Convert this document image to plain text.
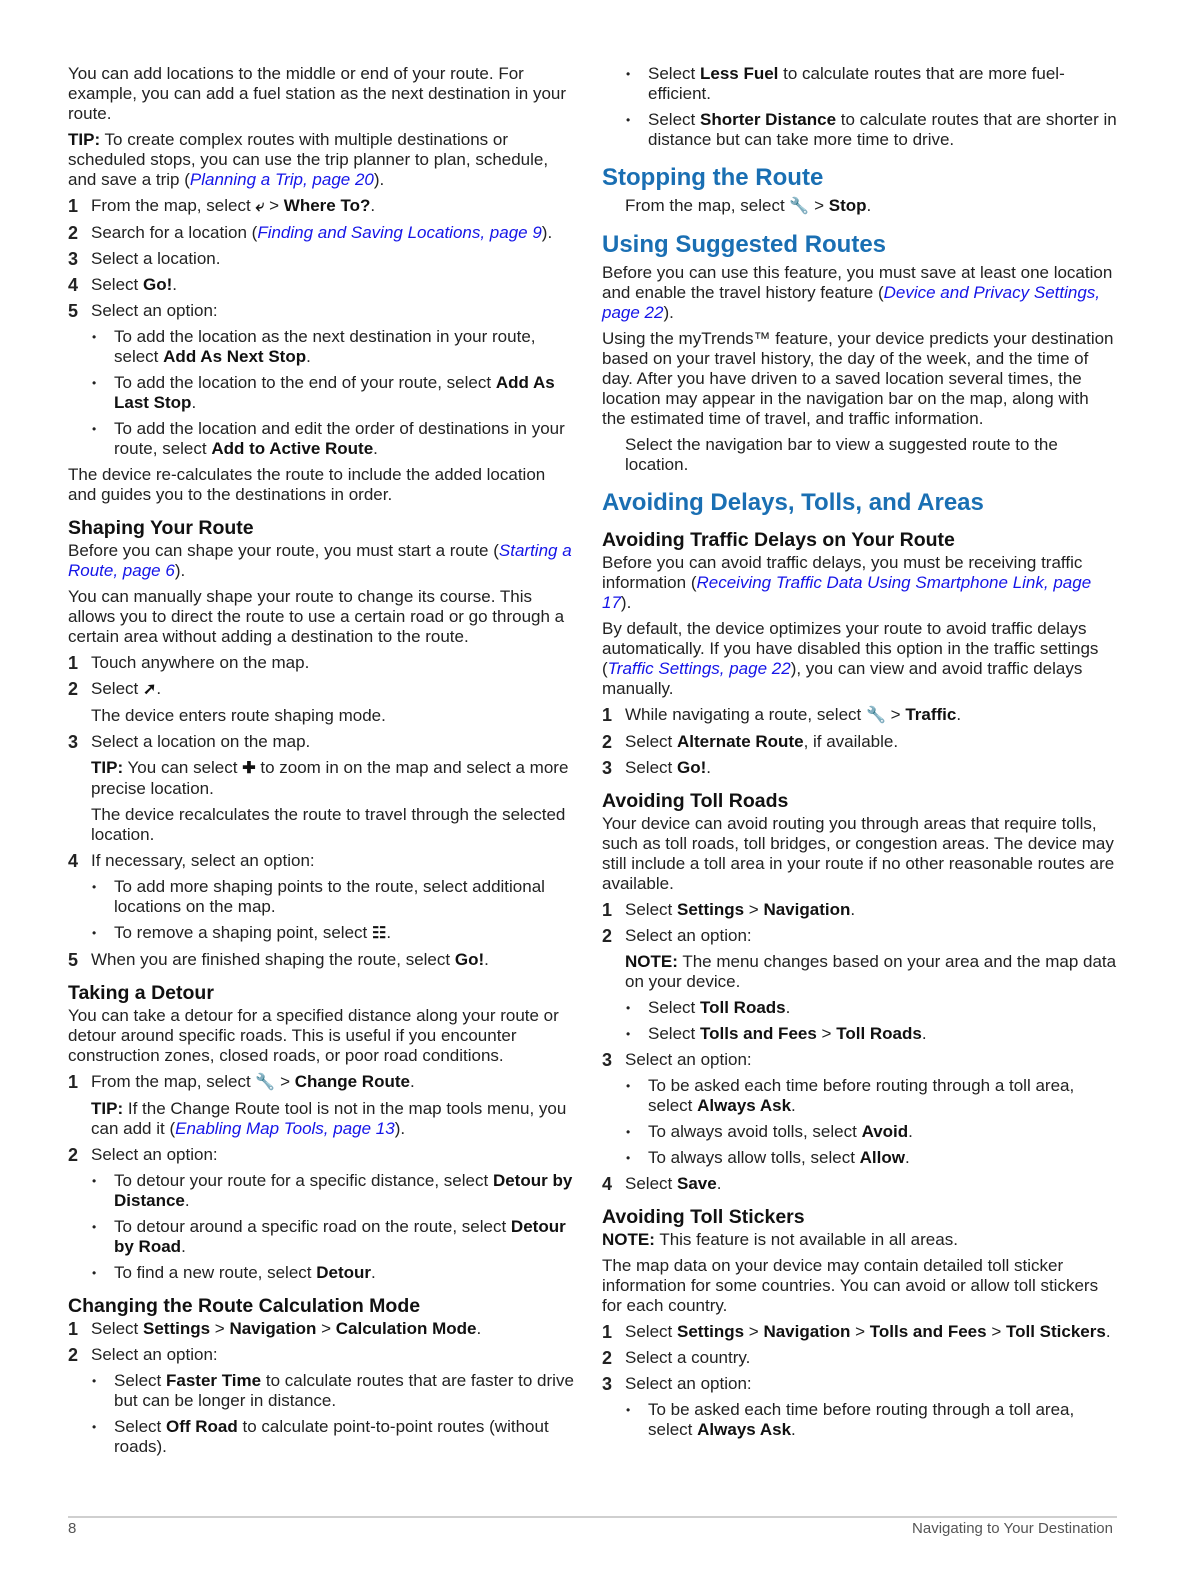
You can add locations to the middle or end of your route. For example, you can add a fuel station as the next destination in your route.

TIP: To create complex routes with multiple destinations or scheduled stops, you can use the trip planner to plan, schedule, and save a trip (Planning a Trip, page 20).

1 From the map, select ⤶ > Where To?.
2 Search for a location (Finding and Saving Locations, page 9).
3 Select a location.
4 Select Go!.
5 Select an option:
• To add the location as the next destination in your route, select Add As Next Stop.
• To add the location to the end of your route, select Add As Last Stop.
• To add the location and edit the order of destinations in your route, select Add to Active Route.

The device re-calculates the route to include the added location and guides you to the destinations in order.

Shaping Your Route

Before you can shape your route, you must start a route (Starting a Route, page 6).

You can manually shape your route to change its course. This allows you to direct the route to use a certain road or go through a certain area without adding a destination to the route.

1 Touch anywhere on the map.
2 Select ➚.

The device enters route shaping mode.

3 Select a location on the map.

TIP: You can select ✚ to zoom in on the map and select a more precise location.

The device recalculates the route to travel through the selected location.

4 If necessary, select an option:
• To add more shaping points to the route, select additional locations on the map.
• To remove a shaping point, select ☷.
5 When you are finished shaping the route, select Go!.
Taking a Detour

You can take a detour for a specified distance along your route or detour around specific roads. This is useful if you encounter construction zones, closed roads, or poor road conditions.

1 From the map, select 🔧 > Change Route.

TIP: If the Change Route tool is not in the map tools menu, you can add it (Enabling Map Tools, page 13).

2 Select an option:
• To detour your route for a specific distance, select Detour by Distance.
• To detour around a specific road on the route, select Detour by Road.
• To find a new route, select Detour.
Changing the Route Calculation Mode
1 Select Settings > Navigation > Calculation Mode.
2 Select an option:
• Select Faster Time to calculate routes that are faster to drive but can be longer in distance.
• Select Off Road to calculate point-to-point routes (without roads).
• Select Less Fuel to calculate routes that are more fuel-efficient.
• Select Shorter Distance to calculate routes that are shorter in distance but can take more time to drive.
Stopping the Route

From the map, select 🔧 > Stop.

Using Suggested Routes

Before you can use this feature, you must save at least one location and enable the travel history feature (Device and Privacy Settings, page 22).

Using the myTrends™ feature, your device predicts your destination based on your travel history, the day of the week, and the time of day. After you have driven to a saved location several times, the location may appear in the navigation bar on the map, along with the estimated time of travel, and traffic information.

Select the navigation bar to view a suggested route to the location.

Avoiding Delays, Tolls, and Areas
Avoiding Traffic Delays on Your Route

Before you can avoid traffic delays, you must be receiving traffic information (Receiving Traffic Data Using Smartphone Link, page 17).

By default, the device optimizes your route to avoid traffic delays automatically. If you have disabled this option in the traffic settings (Traffic Settings, page 22), you can view and avoid traffic delays manually.

1 While navigating a route, select 🔧 > Traffic.
2 Select Alternate Route, if available.
3 Select Go!.
Avoiding Toll Roads

Your device can avoid routing you through areas that require tolls, such as toll roads, toll bridges, or congestion areas. The device may still include a toll area in your route if no other reasonable routes are available.

1 Select Settings > Navigation.
2 Select an option:

NOTE: The menu changes based on your area and the map data on your device.

• Select Toll Roads.
• Select Tolls and Fees > Toll Roads.
3 Select an option:
• To be asked each time before routing through a toll area, select Always Ask.
• To always avoid tolls, select Avoid.
• To always allow tolls, select Allow.
4 Select Save.
Avoiding Toll Stickers

NOTE: This feature is not available in all areas.

The map data on your device may contain detailed toll sticker information for some countries. You can avoid or allow toll stickers for each country.

1 Select Settings > Navigation > Tolls and Fees > Toll Stickers.
2 Select a country.
3 Select an option:
• To be asked each time before routing through a toll area, select Always Ask.
8	Navigating to Your Destination
